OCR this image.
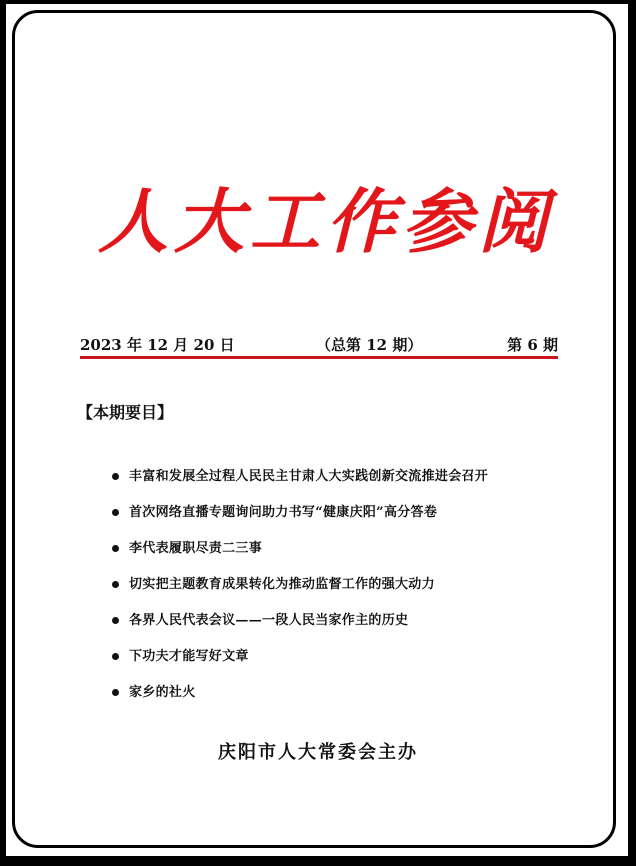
人大工作参阅
2023 年 12 月 20 日	（总第 12 期）	第 6 期
【本期要目】
丰富和发展全过程人民民主甘肃人大实践创新交流推进会召开
首次网络直播专题询问助力书写“健康庆阳”高分答卷
李代表履职尽责二三事
切实把主题教育成果转化为推动监督工作的强大动力
各界人民代表会议——一段人民当家作主的历史
下功夫才能写好文章
家乡的社火
庆阳市人大常委会主办
